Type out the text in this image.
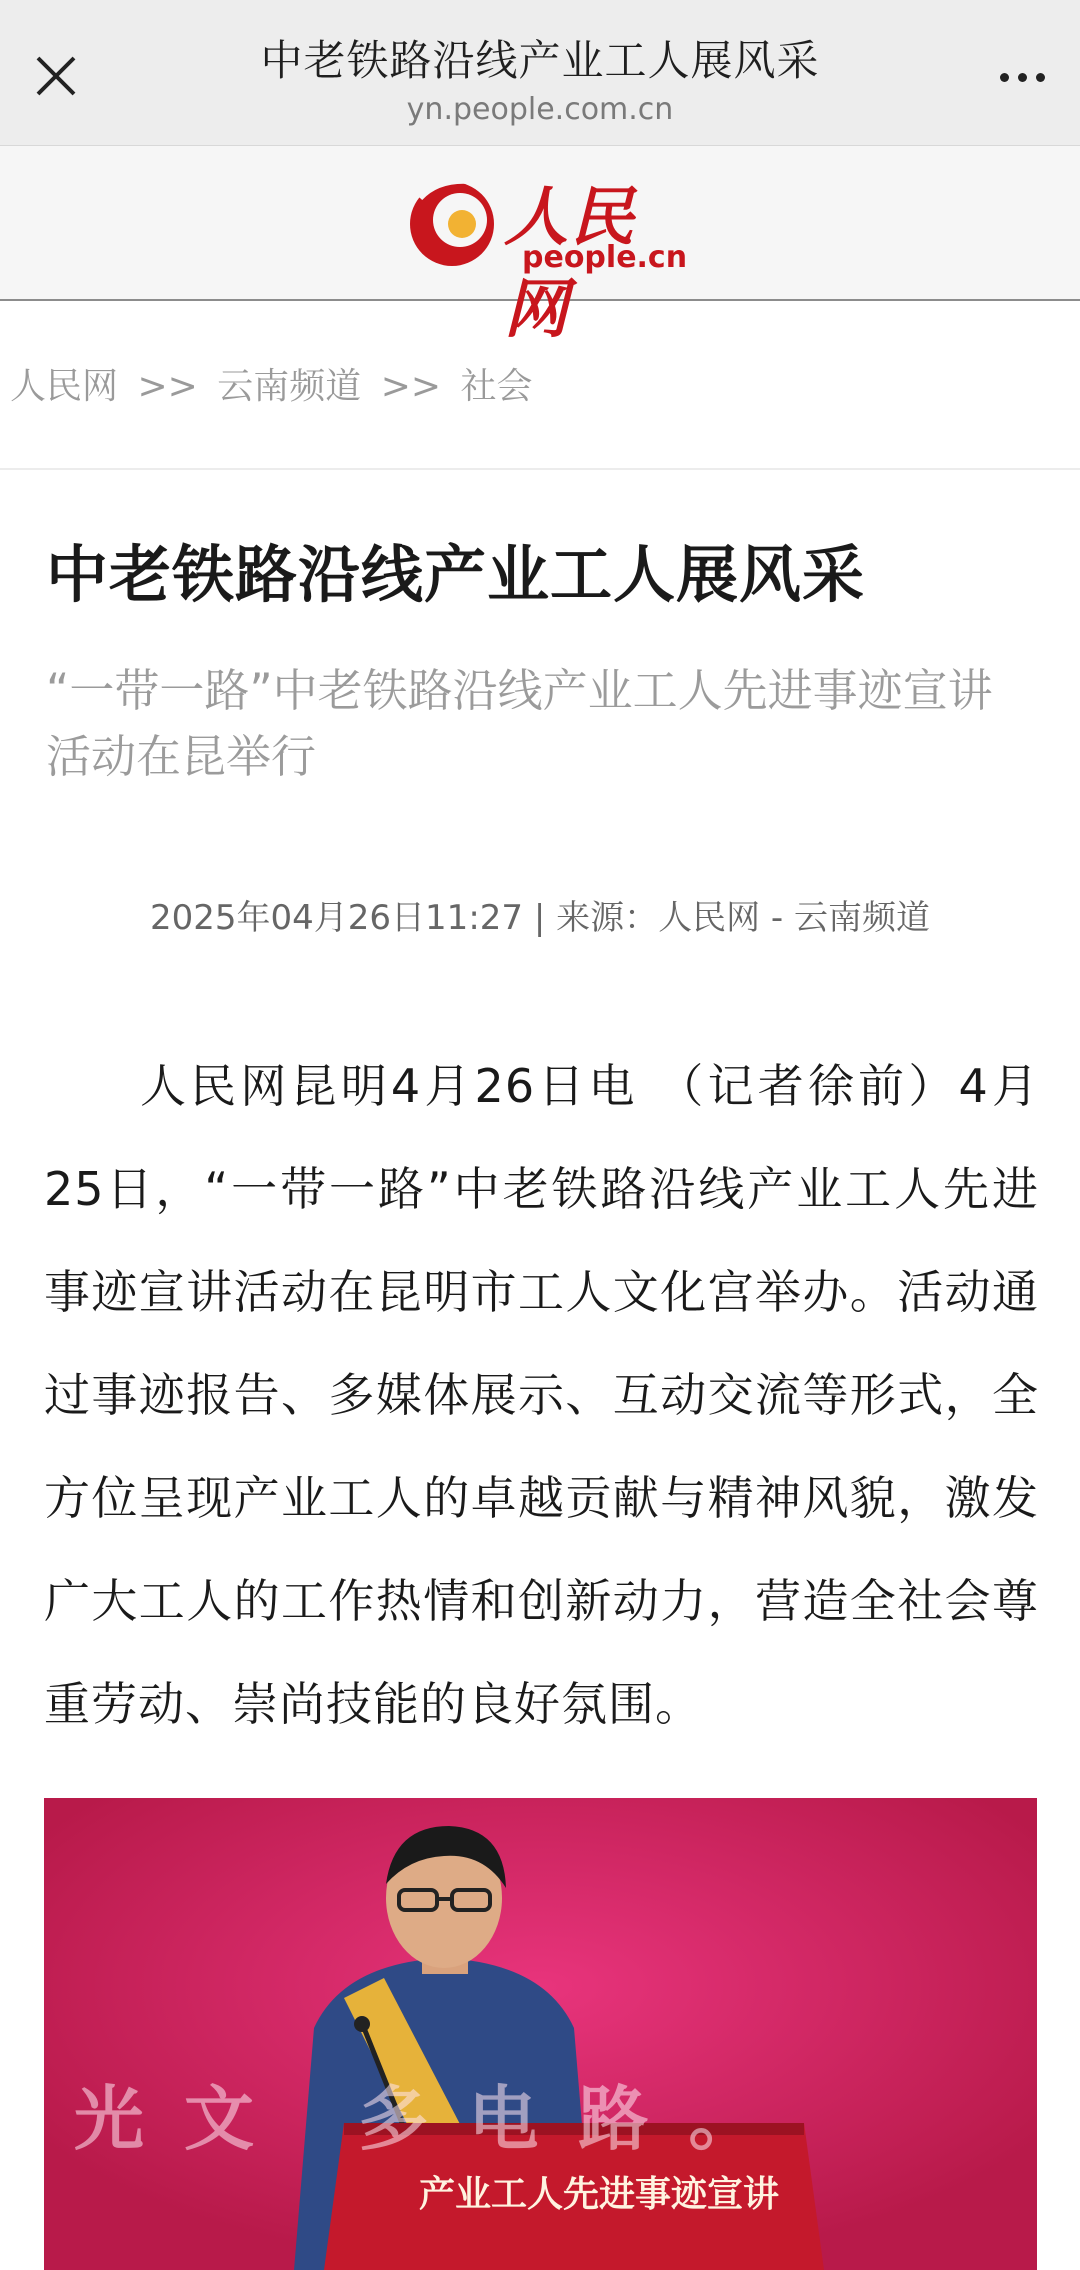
中老铁路沿线产业工人展风采
yn.people.com.cn
人民网
people.cn
人民网 >> 云南频道 >> 社会
中老铁路沿线产业工人展风采
“一带一路”中老铁路沿线产业工人先进事迹宣讲活动在昆举行
2025年04月26日11:27 | 来源：人民网 - 云南频道
人民网昆明4月26日电 （记者徐前）4月25日，“一带一路”中老铁路沿线产业工人先进事迹宣讲活动在昆明市工人文化宫举办。活动通过事迹报告、多媒体展示、互动交流等形式，全方位呈现产业工人的卓越贡献与精神风貌，激发广大工人的工作热情和创新动力，营造全社会尊重劳动、崇尚技能的良好氛围。
光文 多电路。
产业工人先进事迹宣讲
